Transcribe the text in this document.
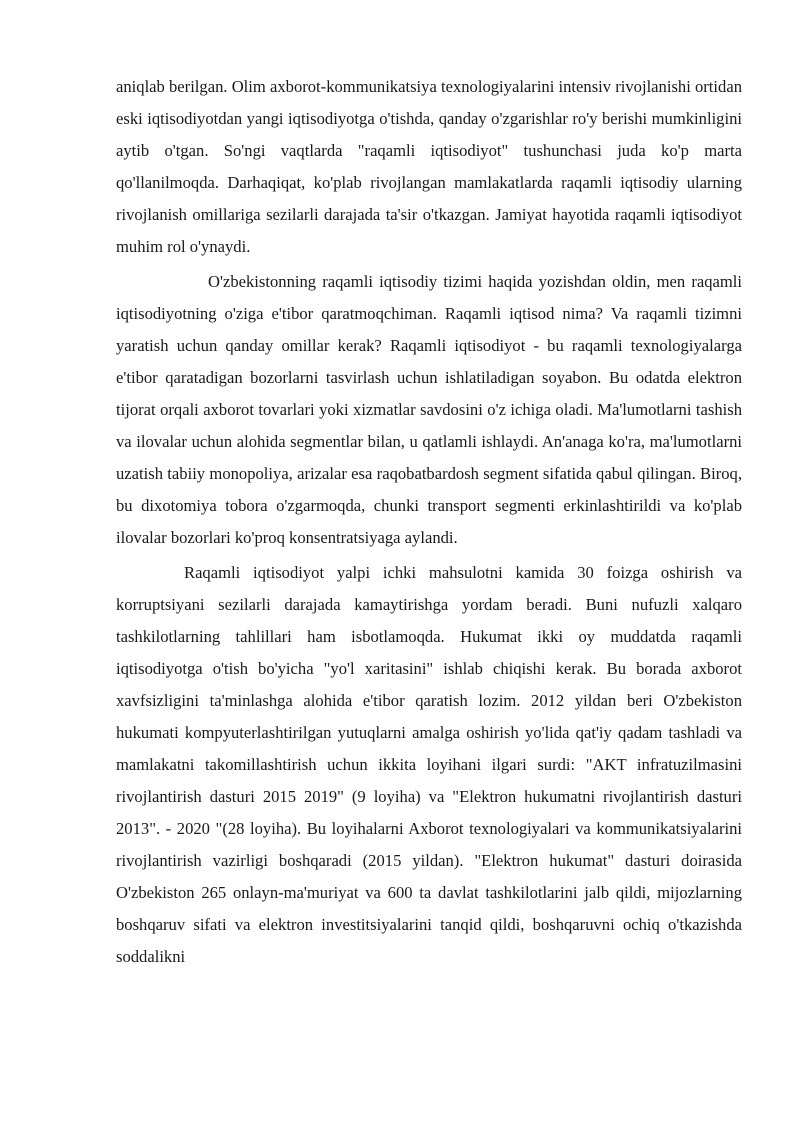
aniqlab berilgan. Olim axborot-kommunikatsiya texnologiyalarini intensiv rivojlanishi ortidan eski iqtisodiyotdan yangi iqtisodiyotga o'tishda, qanday o'zgarishlar ro'y berishi mumkinligini aytib o'tgan. So'ngi vaqtlarda "raqamli iqtisodiyot" tushunchasi juda ko'p marta qo'llanilmoqda. Darhaqiqat, ko'plab rivojlangan mamlakatlarda raqamli iqtisodiy ularning rivojlanish omillariga sezilarli darajada ta'sir o'tkazgan. Jamiyat hayotida raqamli iqtisodiyot muhim rol o'ynaydi.

O'zbekistonning raqamli iqtisodiy tizimi haqida yozishdan oldin, men raqamli iqtisodiyotning o'ziga e'tibor qaratmoqchiman. Raqamli iqtisod nima? Va raqamli tizimni yaratish uchun qanday omillar kerak? Raqamli iqtisodiyot - bu raqamli texnologiyalarga e'tibor qaratadigan bozorlarni tasvirlash uchun ishlatiladigan soyabon. Bu odatda elektron tijorat orqali axborot tovarlari yoki xizmatlar savdosini o'z ichiga oladi. Ma'lumotlarni tashish va ilovalar uchun alohida segmentlar bilan, u qatlamli ishlaydi. An'anaga ko'ra, ma'lumotlarni uzatish tabiiy monopoliya, arizalar esa raqobatbardosh segment sifatida qabul qilingan. Biroq, bu dixotomiya tobora o'zgarmoqda, chunki transport segmenti erkinlashtirildi va ko'plab ilovalar bozorlari ko'proq konsentratsiyaga aylandi.

Raqamli iqtisodiyot yalpi ichki mahsulotni kamida 30 foizga oshirish va korruptsiyani sezilarli darajada kamaytirishga yordam beradi. Buni nufuzli xalqaro tashkilotlarning tahlillari ham isbotlamoqda. Hukumat ikki oy muddatda raqamli iqtisodiyotga o'tish bo'yicha "yo'l xaritasini" ishlab chiqishi kerak. Bu borada axborot xavfsizligini ta'minlashga alohida e'tibor qaratish lozim. 2012 yildan beri O'zbekiston hukumati kompyuterlashtirilgan yutuqlarni amalga oshirish yo'lida qat'iy qadam tashladi va mamlakatni takomillashtirish uchun ikkita loyihani ilgari surdi: "AKT infratuzilmasini rivojlantirish dasturi 2015 2019" (9 loyiha) va "Elektron hukumatni rivojlantirish dasturi 2013". - 2020 "(28 loyiha). Bu loyihalarni Axborot texnologiyalari va kommunikatsiyalarini rivojlantirish vazirligi boshqaradi (2015 yildan). "Elektron hukumat" dasturi doirasida O'zbekiston 265 onlayn-ma'muriyat va 600 ta davlat tashkilotlarini jalb qildi, mijozlarning boshqaruv sifati va elektron investitsiyalarini tanqid qildi, boshqaruvni ochiq o'tkazishda soddalikni
